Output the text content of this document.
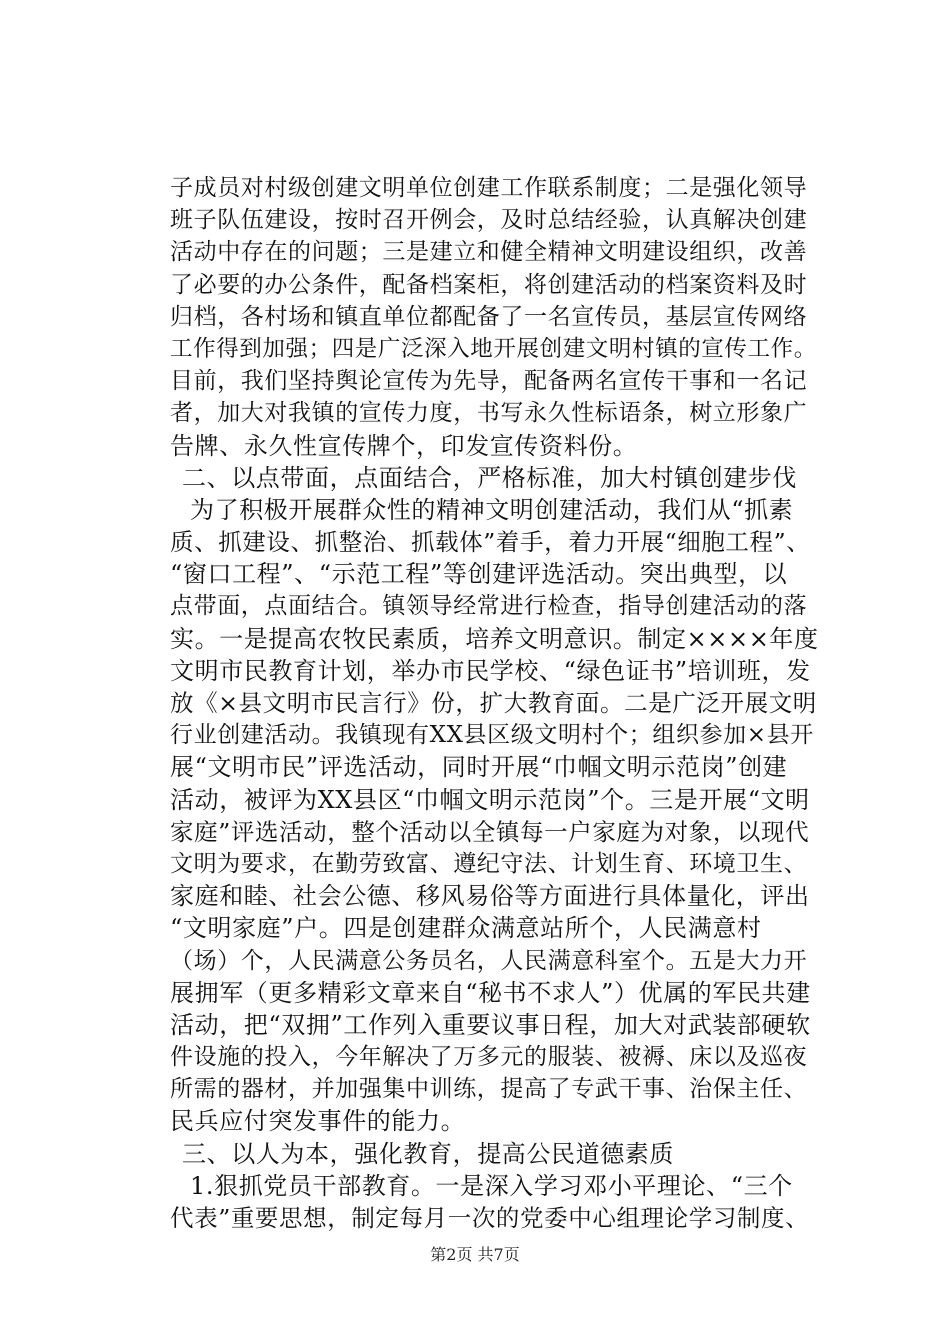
子成员对村级创建文明单位创建工作联系制度；二是强化领导
班子队伍建设，按时召开例会，及时总结经验，认真解决创建
活动中存在的问题；三是建立和健全精神文明建设组织，改善
了必要的办公条件，配备档案柜，将创建活动的档案资料及时
归档，各村场和镇直单位都配备了一名宣传员，基层宣传网络
工作得到加强；四是广泛深入地开展创建文明村镇的宣传工作。
目前，我们坚持舆论宣传为先导，配备两名宣传干事和一名记
者，加大对我镇的宣传力度，书写永久性标语条，树立形象广
告牌、永久性宣传牌个，印发宣传资料份。
二、以点带面，点面结合，严格标准，加大村镇创建步伐
为了积极开展群众性的精神文明创建活动，我们从“抓素
质、抓建设、抓整治、抓载体”着手，着力开展“细胞工程”、
“窗口工程”、“示范工程”等创建评选活动。突出典型，以
点带面，点面结合。镇领导经常进行检查，指导创建活动的落
实。一是提高农牧民素质，培养文明意识。制定××××年度
文明市民教育计划，举办市民学校、“绿色证书”培训班，发
放《×县文明市民言行》份，扩大教育面。二是广泛开展文明
行业创建活动。我镇现有XX县区级文明村个；组织参加×县开
展“文明市民”评选活动，同时开展“巾帼文明示范岗”创建
活动，被评为XX县区“巾帼文明示范岗”个。三是开展“文明
家庭”评选活动，整个活动以全镇每一户家庭为对象，以现代
文明为要求，在勤劳致富、遵纪守法、计划生育、环境卫生、
家庭和睦、社会公德、移风易俗等方面进行具体量化，评出
“文明家庭”户。四是创建群众满意站所个，人民满意村
（场）个，人民满意公务员名，人民满意科室个。五是大力开
展拥军（更多精彩文章来自“秘书不求人”）优属的军民共建
活动，把“双拥”工作列入重要议事日程，加大对武装部硬软
件设施的投入，今年解决了万多元的服装、被褥、床以及巡夜
所需的器材，并加强集中训练，提高了专武干事、治保主任、
民兵应付突发事件的能力。
三、以人为本，强化教育，提高公民道德素质
1.狠抓党员干部教育。一是深入学习邓小平理论、“三个
代表”重要思想，制定每月一次的党委中心组理论学习制度、
第2页 共7页
